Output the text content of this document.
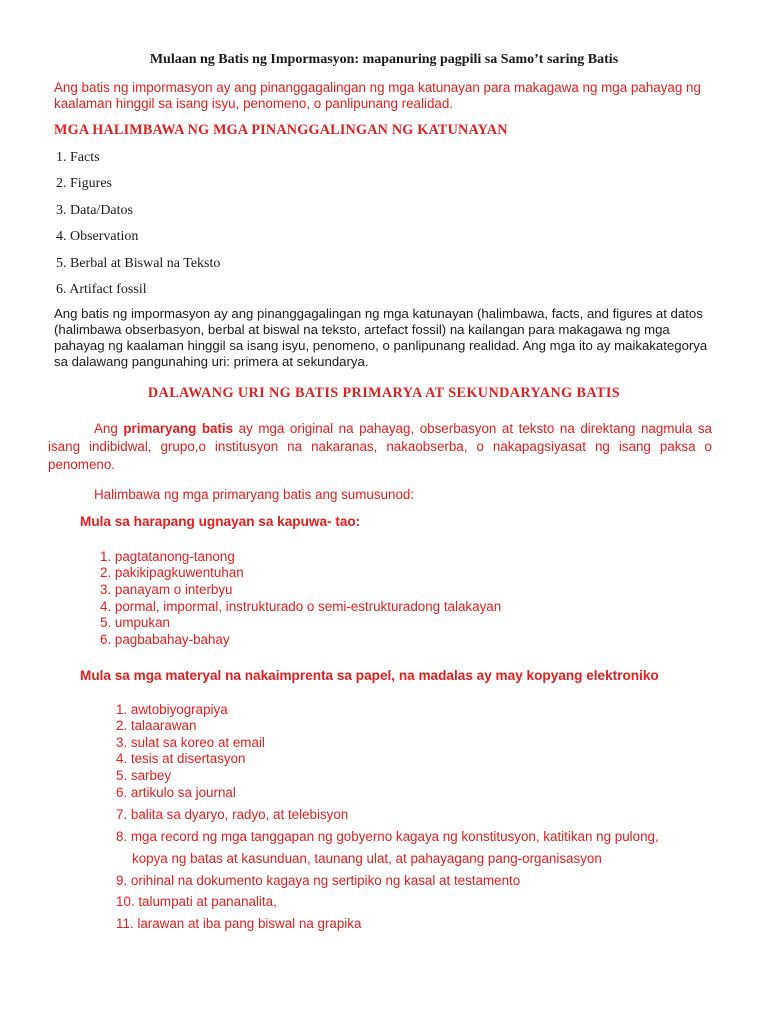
Mulaan ng Batis ng Impormasyon: mapanuring pagpili sa Samo’t saring Batis
Ang batis ng impormasyon ay ang pinanggagalingan ng mga katunayan para makagawa ng mga pahayag ng kaalaman hinggil sa isang isyu, penomeno, o panlipunang realidad.
MGA HALIMBAWA NG MGA PINANGGALINGAN NG KATUNAYAN
1. Facts
2. Figures
3. Data/Datos
4. Observation
5. Berbal at Biswal na Teksto
6. Artifact fossil
Ang batis ng impormasyon ay ang pinanggagalingan ng mga katunayan (halimbawa, facts, and figures at datos (halimbawa obserbasyon, berbal at biswal na teksto, artefact fossil) na kailangan para makagawa ng mga pahayag ng kaalaman hinggil sa isang isyu, penomeno, o panlipunang realidad. Ang mga ito ay maikakategorya sa dalawang pangunahing uri: primera at sekundarya.
DALAWANG URI NG BATIS PRIMARYA AT SEKUNDARYANG BATIS
Ang primaryang batis ay mga original na pahayag, obserbasyon at teksto na direktang nagmula sa isang indibidwal, grupo,o institusyon na nakaranas, nakaobserba, o nakapagsiyasat ng isang paksa o penomeno.
Halimbawa ng mga primaryang batis ang sumusunod:
Mula sa harapang ugnayan sa kapuwa- tao:
1. pagtatanong-tanong
2. pakikipagkuwentuhan
3. panayam o interbyu
4. pormal, impormal, instrukturado o semi-estrukturadong talakayan
5. umpukan
6. pagbabahay-bahay
Mula sa mga materyal na nakaimprenta sa papel, na madalas ay may kopyang elektroniko
1. awtobiyograpiya
2. talaarawan
3. sulat sa koreo at email
4. tesis at disertasyon
5. sarbey
6. artikulo sa journal
7. balita sa dyaryo, radyo, at telebisyon
8. mga record ng mga tanggapan ng gobyerno kagaya ng konstitusyon, katitikan ng pulong,
kopya ng batas at kasunduan, taunang ulat, at pahayagang pang-organisasyon
9. orihinal na dokumento kagaya ng sertipiko ng kasal at testamento
10. talumpati at pananalita,
11. larawan at iba pang biswal na grapika
